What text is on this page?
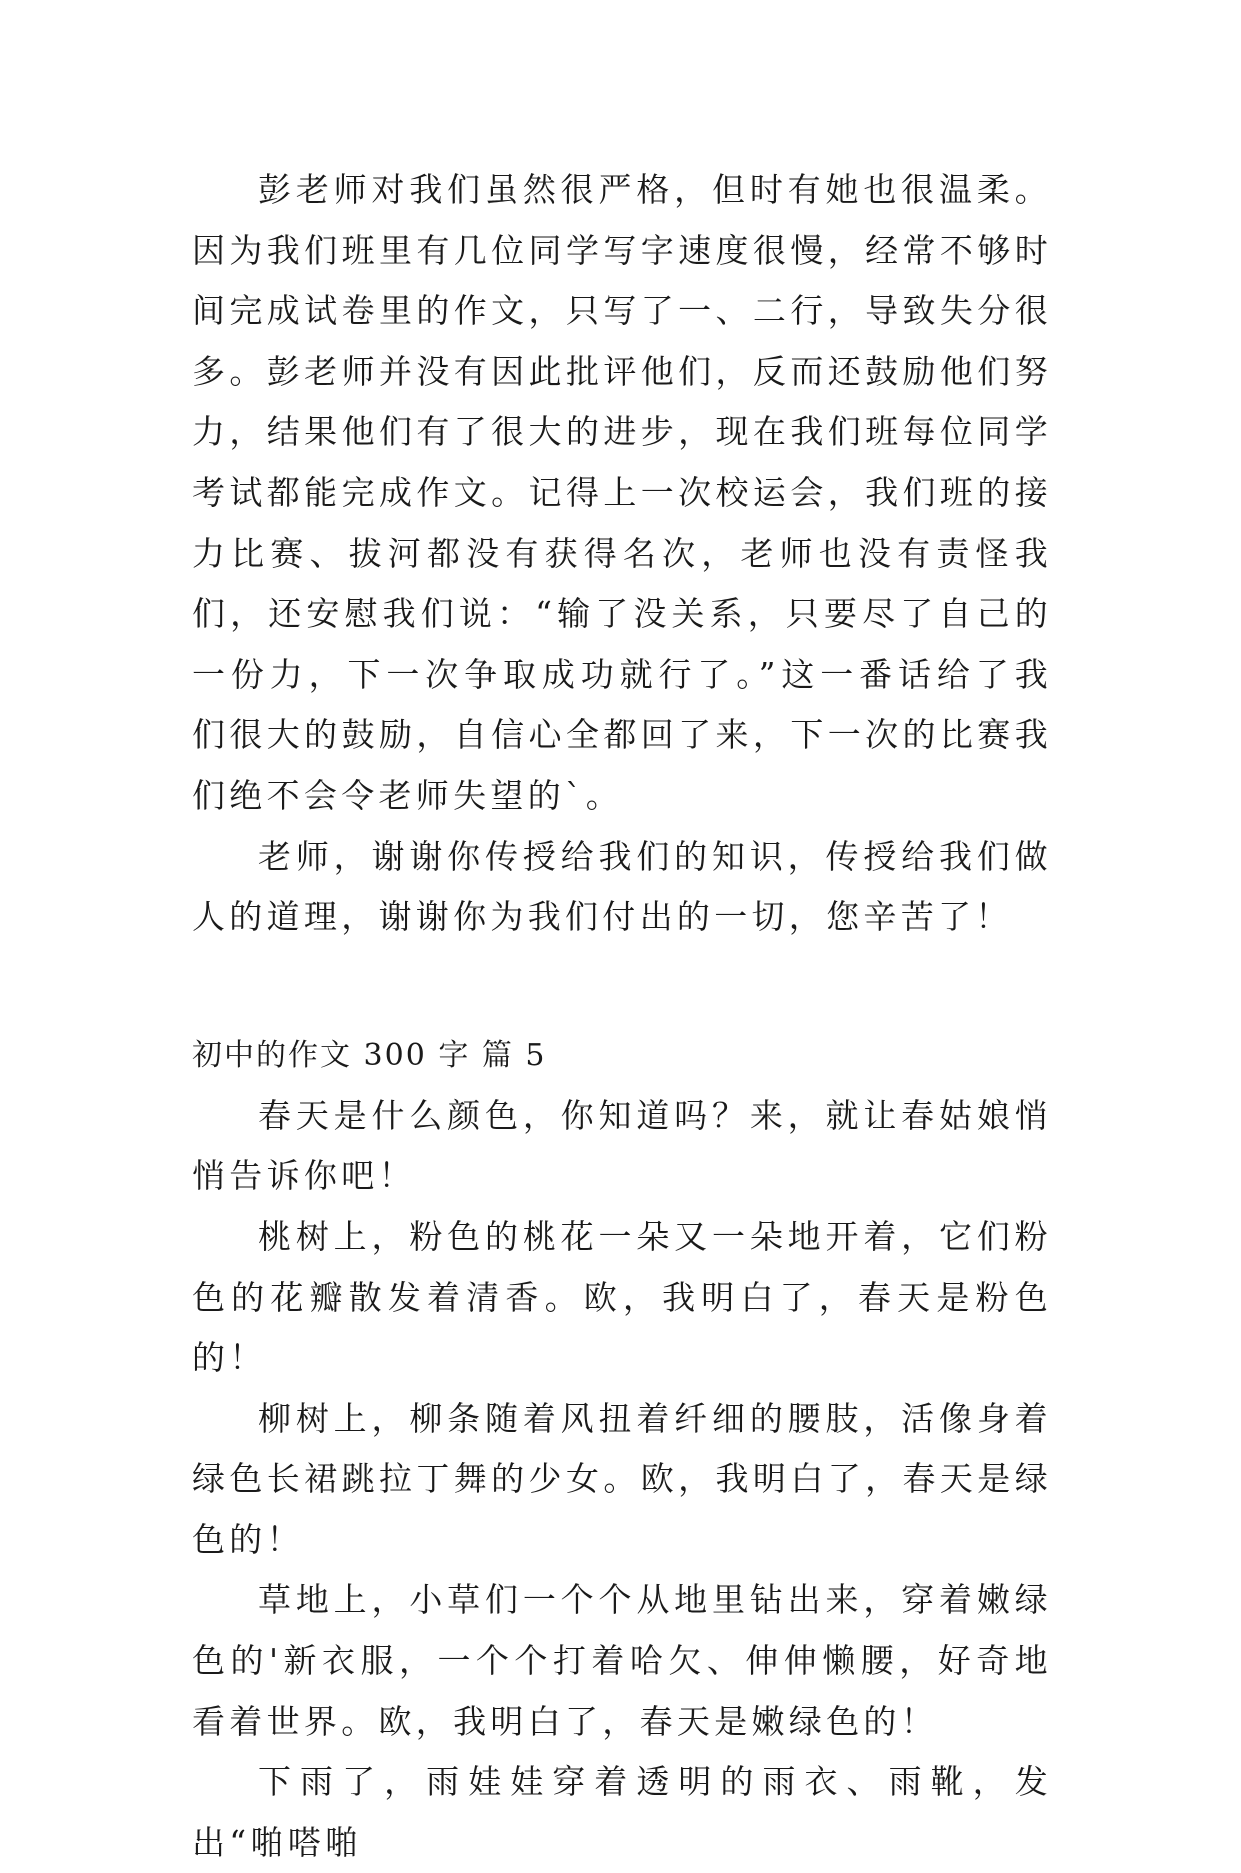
彭老师对我们虽然很严格，但时有她也很温柔。因为我们班里有几位同学写字速度很慢，经常不够时间完成试卷里的作文，只写了一、二行，导致失分很多。彭老师并没有因此批评他们，反而还鼓励他们努力，结果他们有了很大的进步，现在我们班每位同学考试都能完成作文。记得上一次校运会，我们班的接力比赛、拔河都没有获得名次，老师也没有责怪我们，还安慰我们说：“输了没关系，只要尽了自己的一份力，下一次争取成功就行了。”这一番话给了我们很大的鼓励，自信心全都回了来，下一次的比赛我们绝不会令老师失望的`。

老师，谢谢你传授给我们的知识，传授给我们做人的道理，谢谢你为我们付出的一切，您辛苦了！

初中的作文 300 字 篇 5

春天是什么颜色，你知道吗？来，就让春姑娘悄悄告诉你吧！

桃树上，粉色的桃花一朵又一朵地开着，它们粉色的花瓣散发着清香。欧，我明白了，春天是粉色的！

柳树上，柳条随着风扭着纤细的腰肢，活像身着绿色长裙跳拉丁舞的少女。欧，我明白了，春天是绿色的！

草地上，小草们一个个从地里钻出来，穿着嫩绿色的'新衣服，一个个打着哈欠、伸伸懒腰，好奇地看着世界。欧，我明白了，春天是嫩绿色的！

下雨了，雨娃娃穿着透明的雨衣、雨靴，发出“啪嗒啪
